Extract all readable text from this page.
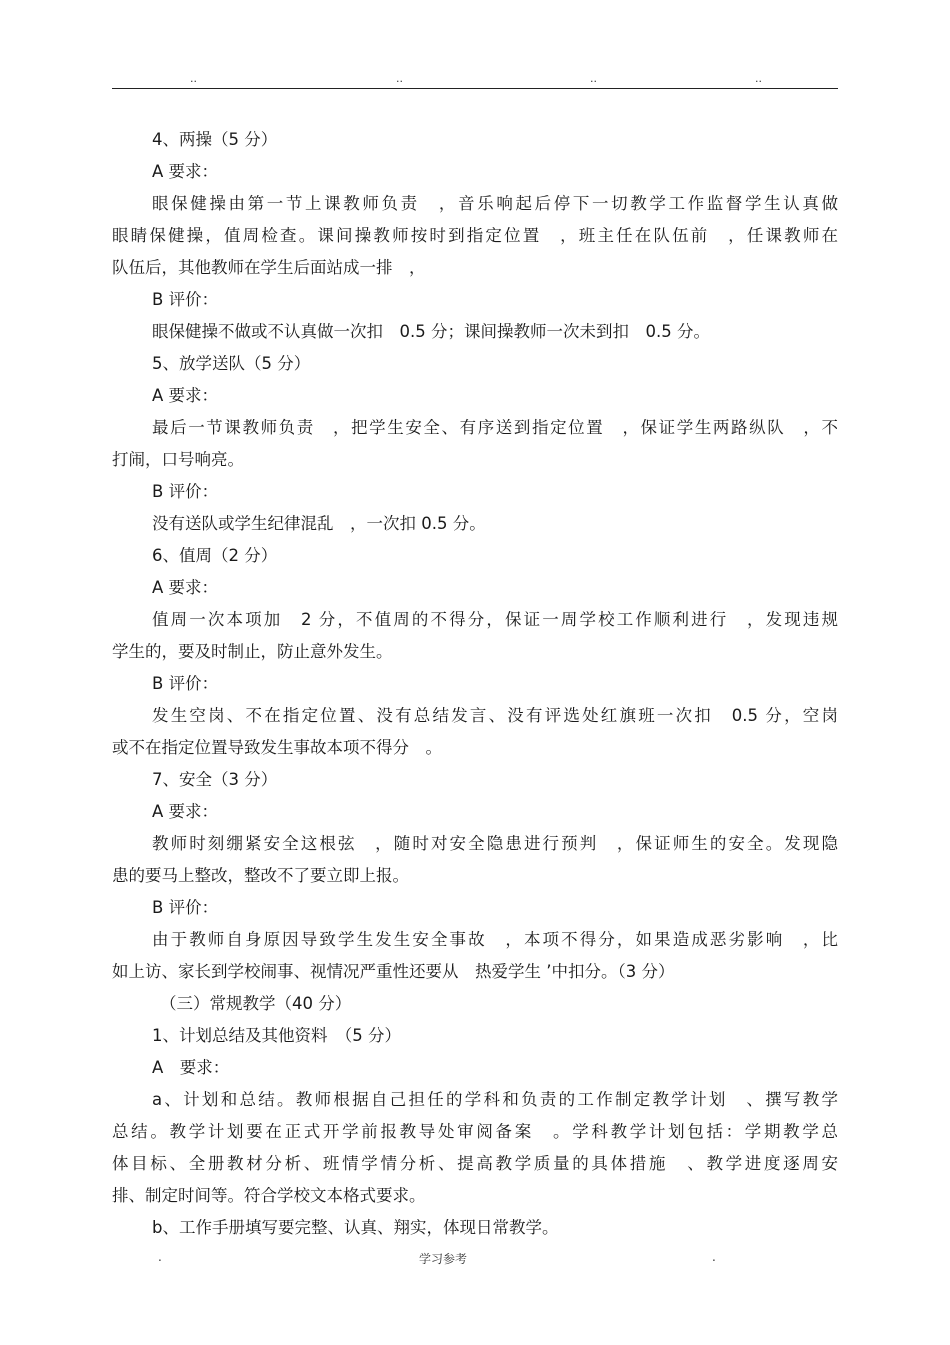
..	..	..	..
4、两操（5 分）
A 要求：
眼保健操由第一节上课教师负责　，音乐响起后停下一切教学工作监督学生认真做
眼睛保健操，值周检查。课间操教师按时到指定位置　，班主任在队伍前　，任课教师在
队伍后，其他教师在学生后面站成一排　，
B 评价：
眼保健操不做或不认真做一次扣　0.5 分；课间操教师一次未到扣　0.5 分。
5、放学送队（5 分）
A 要求：
最后一节课教师负责　，把学生安全、有序送到指定位置　，保证学生两路纵队　，不
打闹，口号响亮。
B 评价：
没有送队或学生纪律混乱　，一次扣 0.5 分。
6、值周（2 分）
A 要求：
值周一次本项加　2 分，不值周的不得分，保证一周学校工作顺利进行　，发现违规
学生的，要及时制止，防止意外发生。
B 评价：
发生空岗、不在指定位置、没有总结发言、没有评选处红旗班一次扣　0.5 分，空岗
或不在指定位置导致发生事故本项不得分　。
7、安全（3 分）
A 要求：
教师时刻绷紧安全这根弦　，随时对安全隐患进行预判　，保证师生的安全。发现隐
患的要马上整改，整改不了要立即上报。
B 评价：
由于教师自身原因导致学生发生安全事故　，本项不得分，如果造成恶劣影响　，比
如上访、家长到学校闹事、视情况严重性还要从　热爱学生 ’中扣分。（3 分）
（三）常规教学（40 分）
1、计划总结及其他资料　（5 分）
A　要求：
a、计划和总结。教师根据自己担任的学科和负责的工作制定教学计划　、撰写教学
总结。教学计划要在正式开学前报教导处审阅备案　。学科教学计划包括：学期教学总
体目标、全册教材分析、班情学情分析、提高教学质量的具体措施　、教学进度逐周安
排、制定时间等。符合学校文本格式要求。
b、工作手册填写要完整、认真、翔实，体现日常教学。
.	学习参考	.
